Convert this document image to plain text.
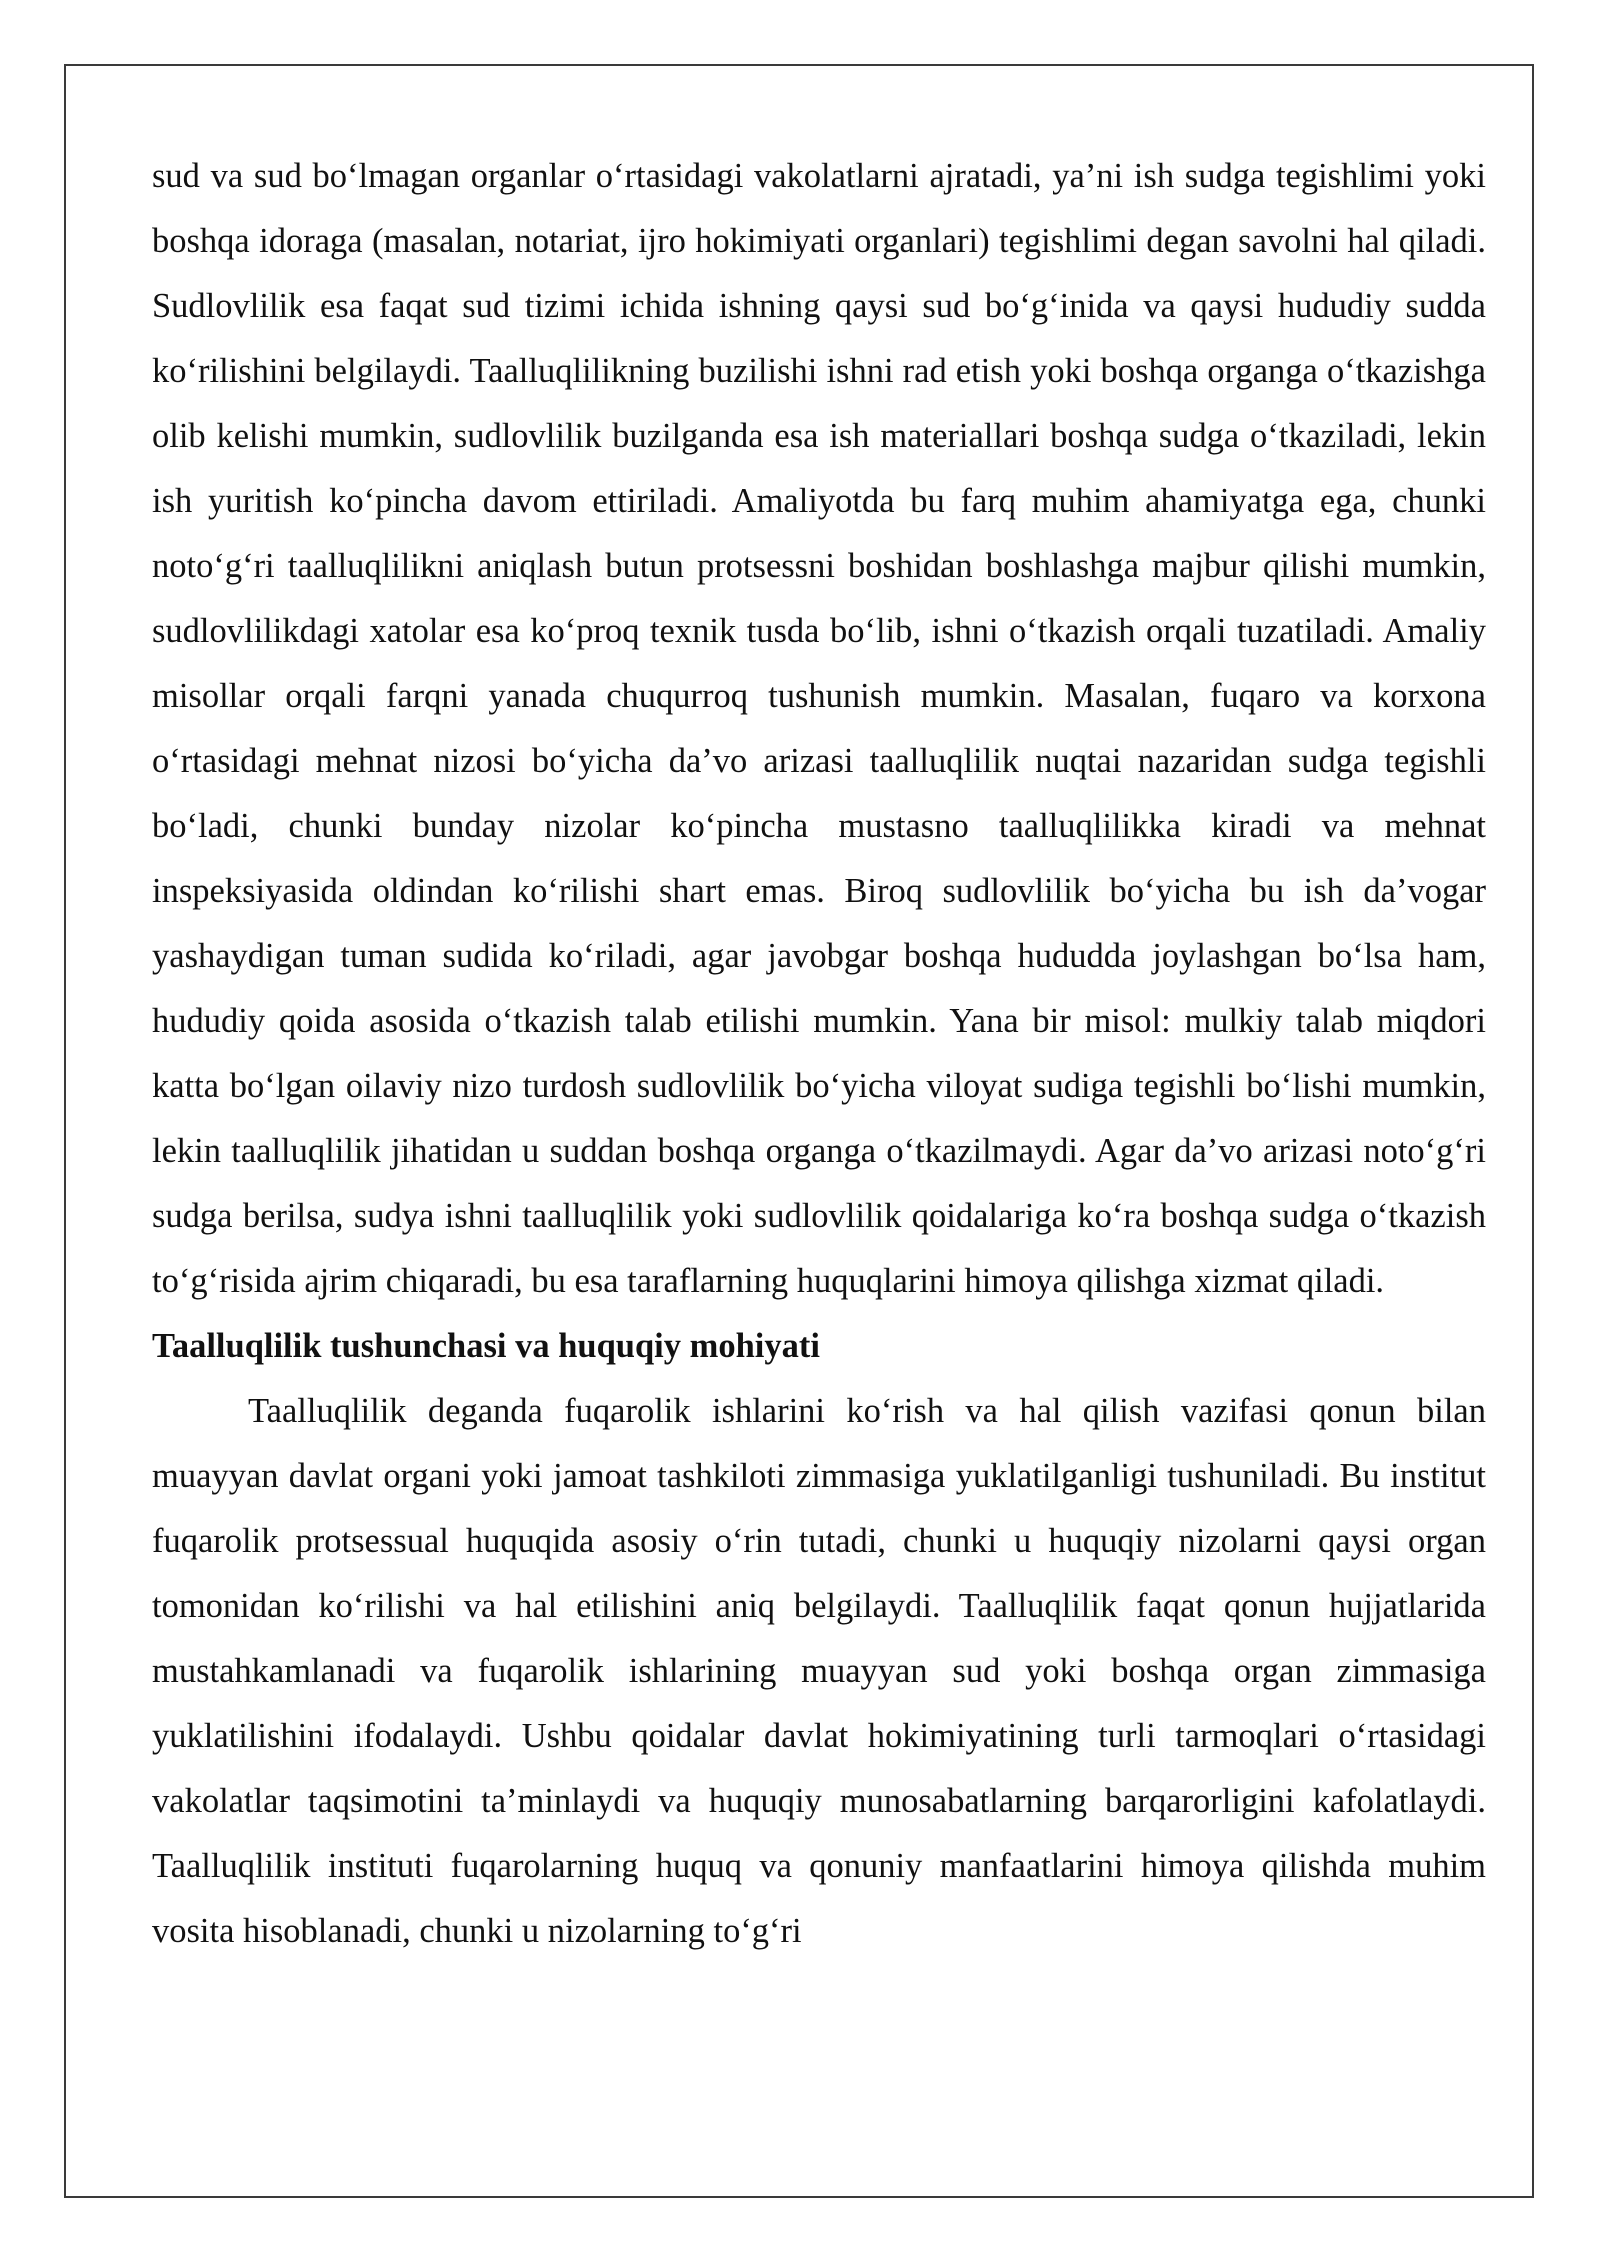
sud va sud bo‘lmagan organlar o‘rtasidagi vakolatlarni ajratadi, ya’ni ish sudga tegishlimi yoki boshqa idoraga (masalan, notariat, ijro hokimiyati organlari) tegishlimi degan savolni hal qiladi. Sudlovlilik esa faqat sud tizimi ichida ishning qaysi sud bo‘g‘inida va qaysi hududiy sudda ko‘rilishini belgilaydi. Taalluqlilikning buzilishi ishni rad etish yoki boshqa organga o‘tkazishga olib kelishi mumkin, sudlovlilik buzilganda esa ish materiallari boshqa sudga o‘tkaziladi, lekin ish yuritish ko‘pincha davom ettiriladi. Amaliyotda bu farq muhim ahamiyatga ega, chunki noto‘g‘ri taalluqlilikni aniqlash butun protsessni boshidan boshlashga majbur qilishi mumkin, sudlovlilikdagi xatolar esa ko‘proq texnik tusda bo‘lib, ishni o‘tkazish orqali tuzatiladi. Amaliy misollar orqali farqni yanada chuqurroq tushunish mumkin. Masalan, fuqaro va korxona o‘rtasidagi mehnat nizosi bo‘yicha da’vo arizasi taalluqlilik nuqtai nazaridan sudga tegishli bo‘ladi, chunki bunday nizolar ko‘pincha mustasno taalluqlilikka kiradi va mehnat inspeksiyasida oldindan ko‘rilishi shart emas. Biroq sudlovlilik bo‘yicha bu ish da’vogar yashaydigan tuman sudida ko‘riladi, agar javobgar boshqa hududda joylashgan bo‘lsa ham, hududiy qoida asosida o‘tkazish talab etilishi mumkin. Yana bir misol: mulkiy talab miqdori katta bo‘lgan oilaviy nizo turdosh sudlovlilik bo‘yicha viloyat sudiga tegishli bo‘lishi mumkin, lekin taalluqlilik jihatidan u suddan boshqa organga o‘tkazilmaydi. Agar da’vo arizasi noto‘g‘ri sudga berilsa, sudya ishni taalluqlilik yoki sudlovlilik qoidalariga ko‘ra boshqa sudga o‘tkazish to‘g‘risida ajrim chiqaradi, bu esa taraflarning huquqlarini himoya qilishga xizmat qiladi.

Taalluqlilik tushunchasi va huquqiy mohiyati

Taalluqlilik deganda fuqarolik ishlarini ko‘rish va hal qilish vazifasi qonun bilan muayyan davlat organi yoki jamoat tashkiloti zimmasiga yuklatilganligi tushuniladi. Bu institut fuqarolik protsessual huquqida asosiy o‘rin tutadi, chunki u huquqiy nizolarni qaysi organ tomonidan ko‘rilishi va hal etilishini aniq belgilaydi. Taalluqlilik faqat qonun hujjatlarida mustahkamlanadi va fuqarolik ishlarining muayyan sud yoki boshqa organ zimmasiga yuklatilishini ifodalaydi. Ushbu qoidalar davlat hokimiyatining turli tarmoqlari o‘rtasidagi vakolatlar taqsimotini ta’minlaydi va huquqiy munosabatlarning barqarorligini kafolatlaydi. Taalluqlilik instituti fuqarolarning huquq va qonuniy manfaatlarini himoya qilishda muhim vosita hisoblanadi, chunki u nizolarning to‘g‘ri
